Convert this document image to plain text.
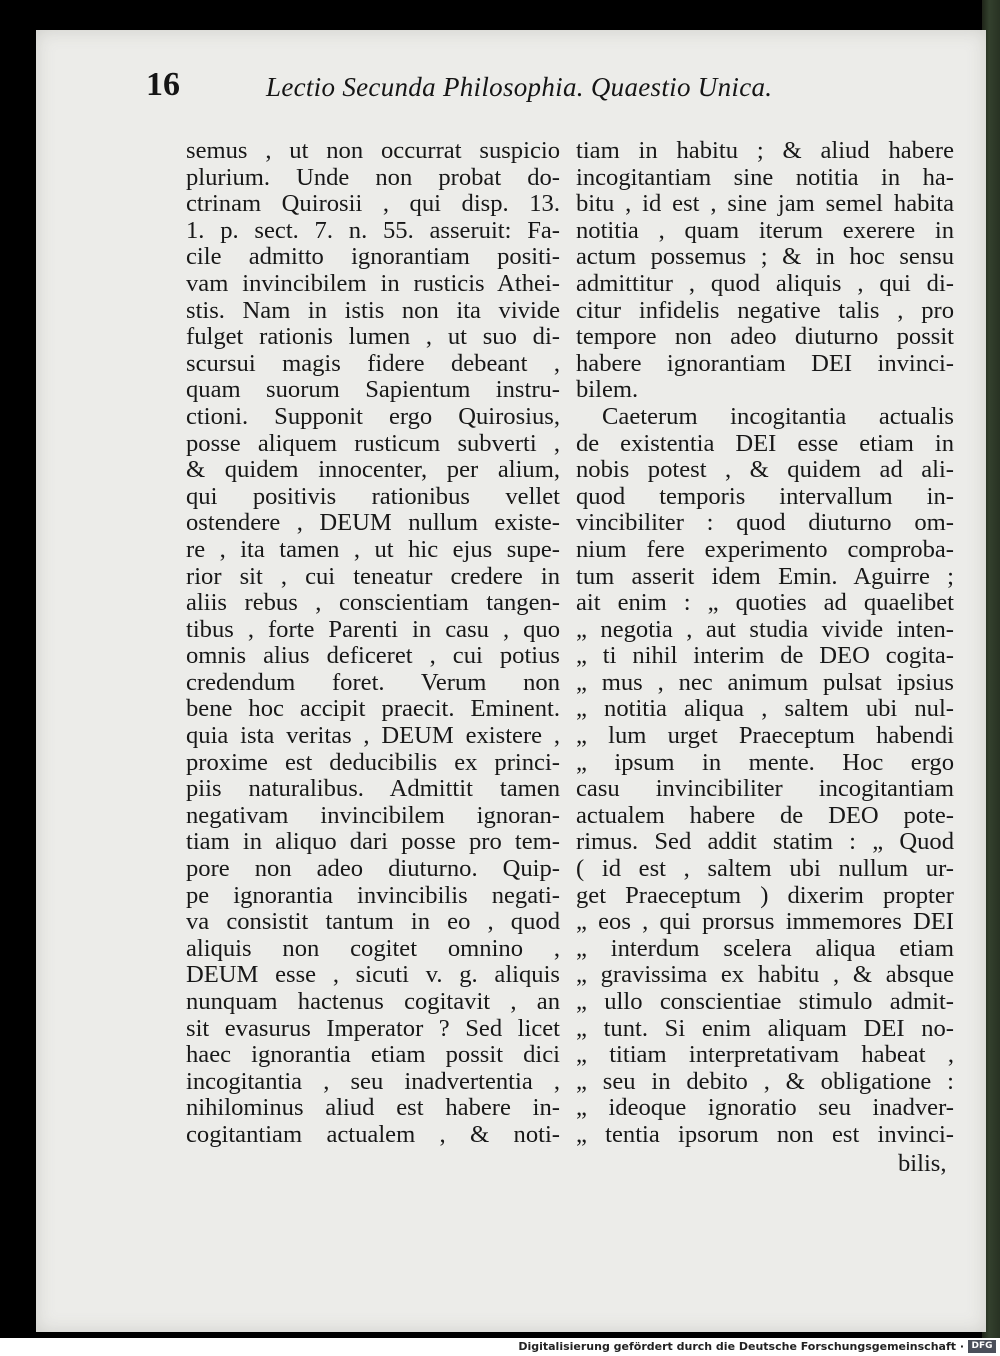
16	Lectio Secunda Philosophia. Quaestio Unica.
semus , ut non occurrat suspicio
plurium. Unde non probat do-
ctrinam Quirosii , qui disp. 13.
1. p. sect. 7. n. 55. asseruit: Fa-
cile admitto ignorantiam positi-
vam invincibilem in rusticis Athei-
stis. Nam in istis non ita vivide
fulget rationis lumen , ut suo di-
scursui magis fidere debeant ,
quam suorum Sapientum instru-
ctioni. Supponit ergo Quirosius,
posse aliquem rusticum subverti ,
& quidem innocenter, per alium,
qui positivis rationibus vellet
ostendere , DEUM nullum existe-
re , ita tamen , ut hic ejus supe-
rior sit , cui teneatur credere in
aliis rebus , conscientiam tangen-
tibus , forte Parenti in casu , quo
omnis alius deficeret , cui potius
credendum foret. Verum non
bene hoc accipit praecit. Eminent.
quia ista veritas , DEUM existere ,
proxime est deducibilis ex princi-
piis naturalibus. Admittit tamen
negativam invincibilem ignoran-
tiam in aliquo dari posse pro tem-
pore non adeo diuturno. Quip-
pe ignorantia invincibilis negati-
va consistit tantum in eo , quod
aliquis non cogitet omnino ,
DEUM esse , sicuti v. g. aliquis
nunquam hactenus cogitavit , an
sit evasurus Imperator ? Sed licet
haec ignorantia etiam possit dici
incogitantia , seu inadvertentia ,
nihilominus aliud est habere in-
cogitantiam actualem , & noti-
tiam in habitu ; & aliud habere
incogitantiam sine notitia in ha-
bitu , id est , sine jam semel habita
notitia , quam iterum exerere in
actum possemus ; & in hoc sensu
admittitur , quod aliquis , qui di-
citur infidelis negative talis , pro
tempore non adeo diuturno possit
habere ignorantiam DEI invinci-
bilem.
Caeterum incogitantia actualis
de existentia DEI esse etiam in
nobis potest , & quidem ad ali-
quod temporis intervallum in-
vincibiliter : quod diuturno om-
nium fere experimento comproba-
tum asserit idem Emin. Aguirre ;
ait enim : „ quoties ad quaelibet
„ negotia , aut studia vivide inten-
„ ti nihil interim de DEO cogita-
„ mus , nec animum pulsat ipsius
„ notitia aliqua , saltem ubi nul-
„ lum urget Praeceptum habendi
„ ipsum in mente. Hoc ergo
casu invincibiliter incogitantiam
actualem habere de DEO pote-
rimus. Sed addit statim : „ Quod
( id est , saltem ubi nullum ur-
get Praeceptum ) dixerim propter
„ eos , qui prorsus immemores DEI
„ interdum scelera aliqua etiam
„ gravissima ex habitu , & absque
„ ullo conscientiae stimulo admit-
„ tunt. Si enim aliquam DEI no-
„ titiam interpretativam habeat ,
„ seu in debito , & obligatione :
„ ideoque ignoratio seu inadver-
„ tentia ipsorum non est invinci-
bilis,
Digitalisierung gefördert durch die Deutsche Forschungsgemeinschaft · DFG
